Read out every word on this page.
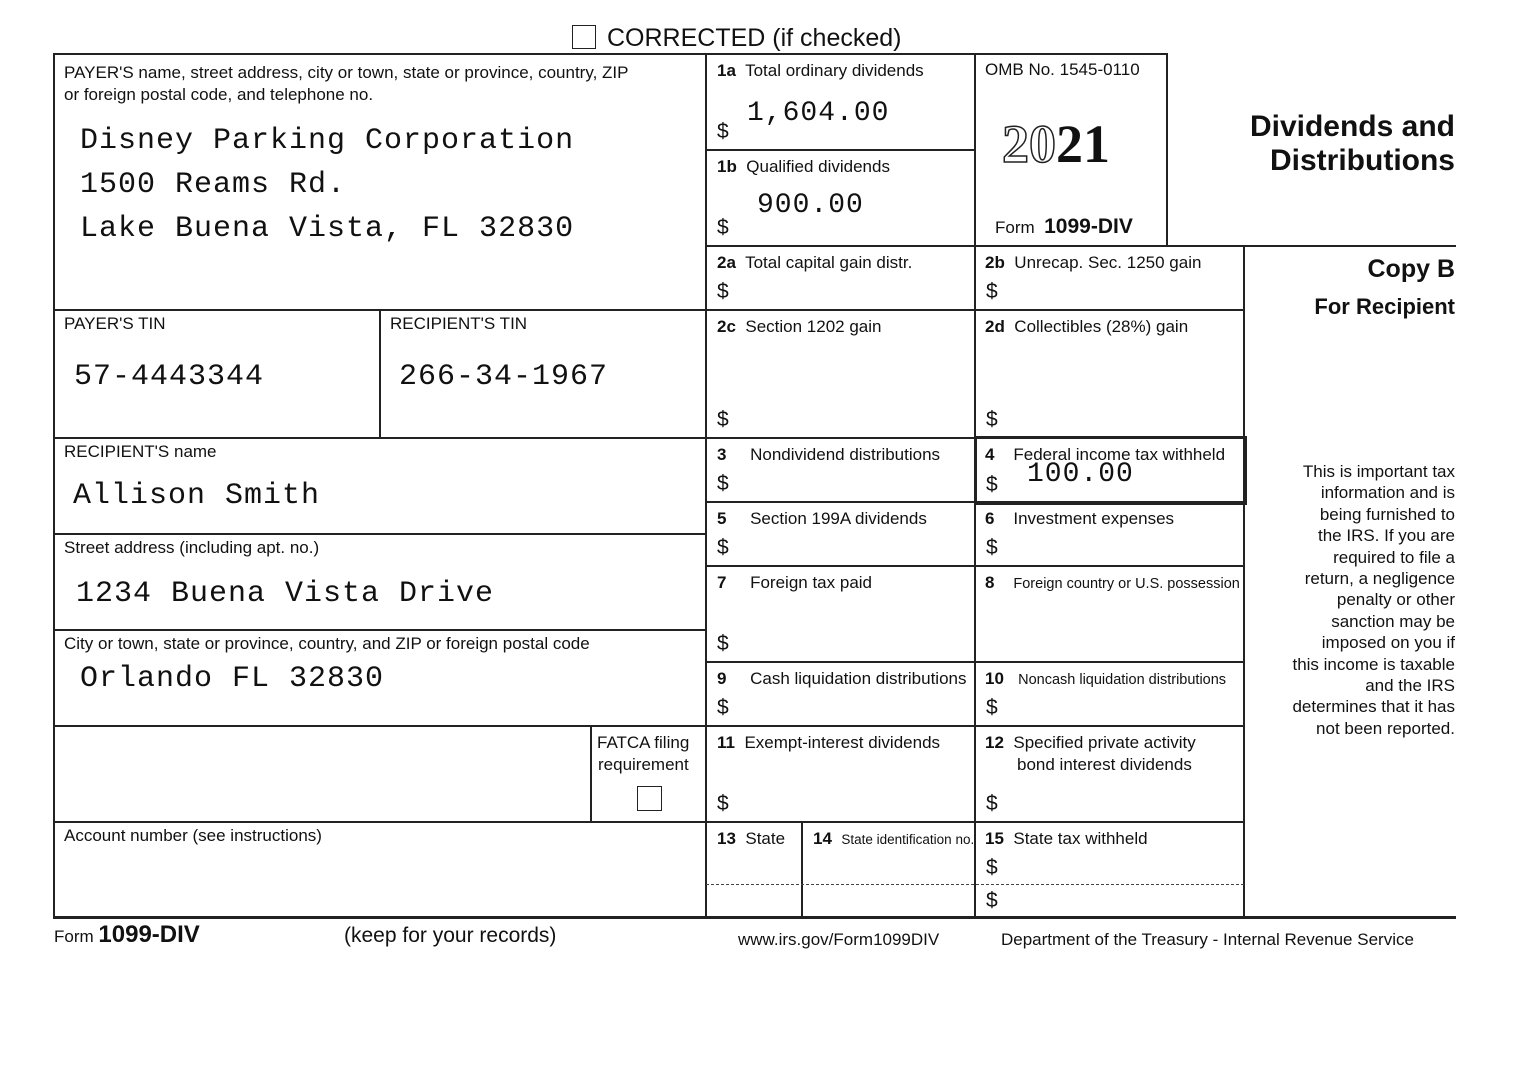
CORRECTED (if checked)
PAYER'S name, street address, city or town, state or province, country, ZIP
or foreign postal code, and telephone no.
Disney Parking Corporation
1500 Reams Rd.
Lake Buena Vista, FL 32830
PAYER'S TIN
57-4443344
RECIPIENT'S TIN
266-34-1967
RECIPIENT'S name
Allison Smith
Street address (including apt. no.)
1234 Buena Vista Drive
City or town, state or province, country, and ZIP or foreign postal code
Orlando FL 32830
FATCA filing
requirement
Account number (see instructions)
1a Total ordinary dividends
$
1,604.00
1b Qualified dividends
$
900.00
2a Total capital gain distr.
$
2b Unrecap. Sec. 1250 gain
$
2c Section 1202 gain
$
2d Collectibles (28%) gain
$
3 Nondividend distributions
$
4 Federal income tax withheld
$ 100.00
5 Section 199A dividends
$
6 Investment expenses
$
7 Foreign tax paid
$
8 Foreign country or U.S. possession
9 Cash liquidation distributions
$
10 Noncash liquidation distributions
$
11 Exempt-interest dividends
$
12 Specified private activity
bond interest dividends
$
13 State 14 State identification no. 15 State tax withheld
$
$
OMB No. 1545-0110
2021
Form 1099-DIV
Dividends and
Distributions
Copy B
For Recipient
This is important tax
information and is
being furnished to
the IRS. If you are
required to file a
return, a negligence
penalty or other
sanction may be
imposed on you if
this income is taxable
and the IRS
determines that it has
not been reported.
Form 1099-DIV	(keep for your records)	www.irs.gov/Form1099DIV	Department of the Treasury - Internal Revenue Service
